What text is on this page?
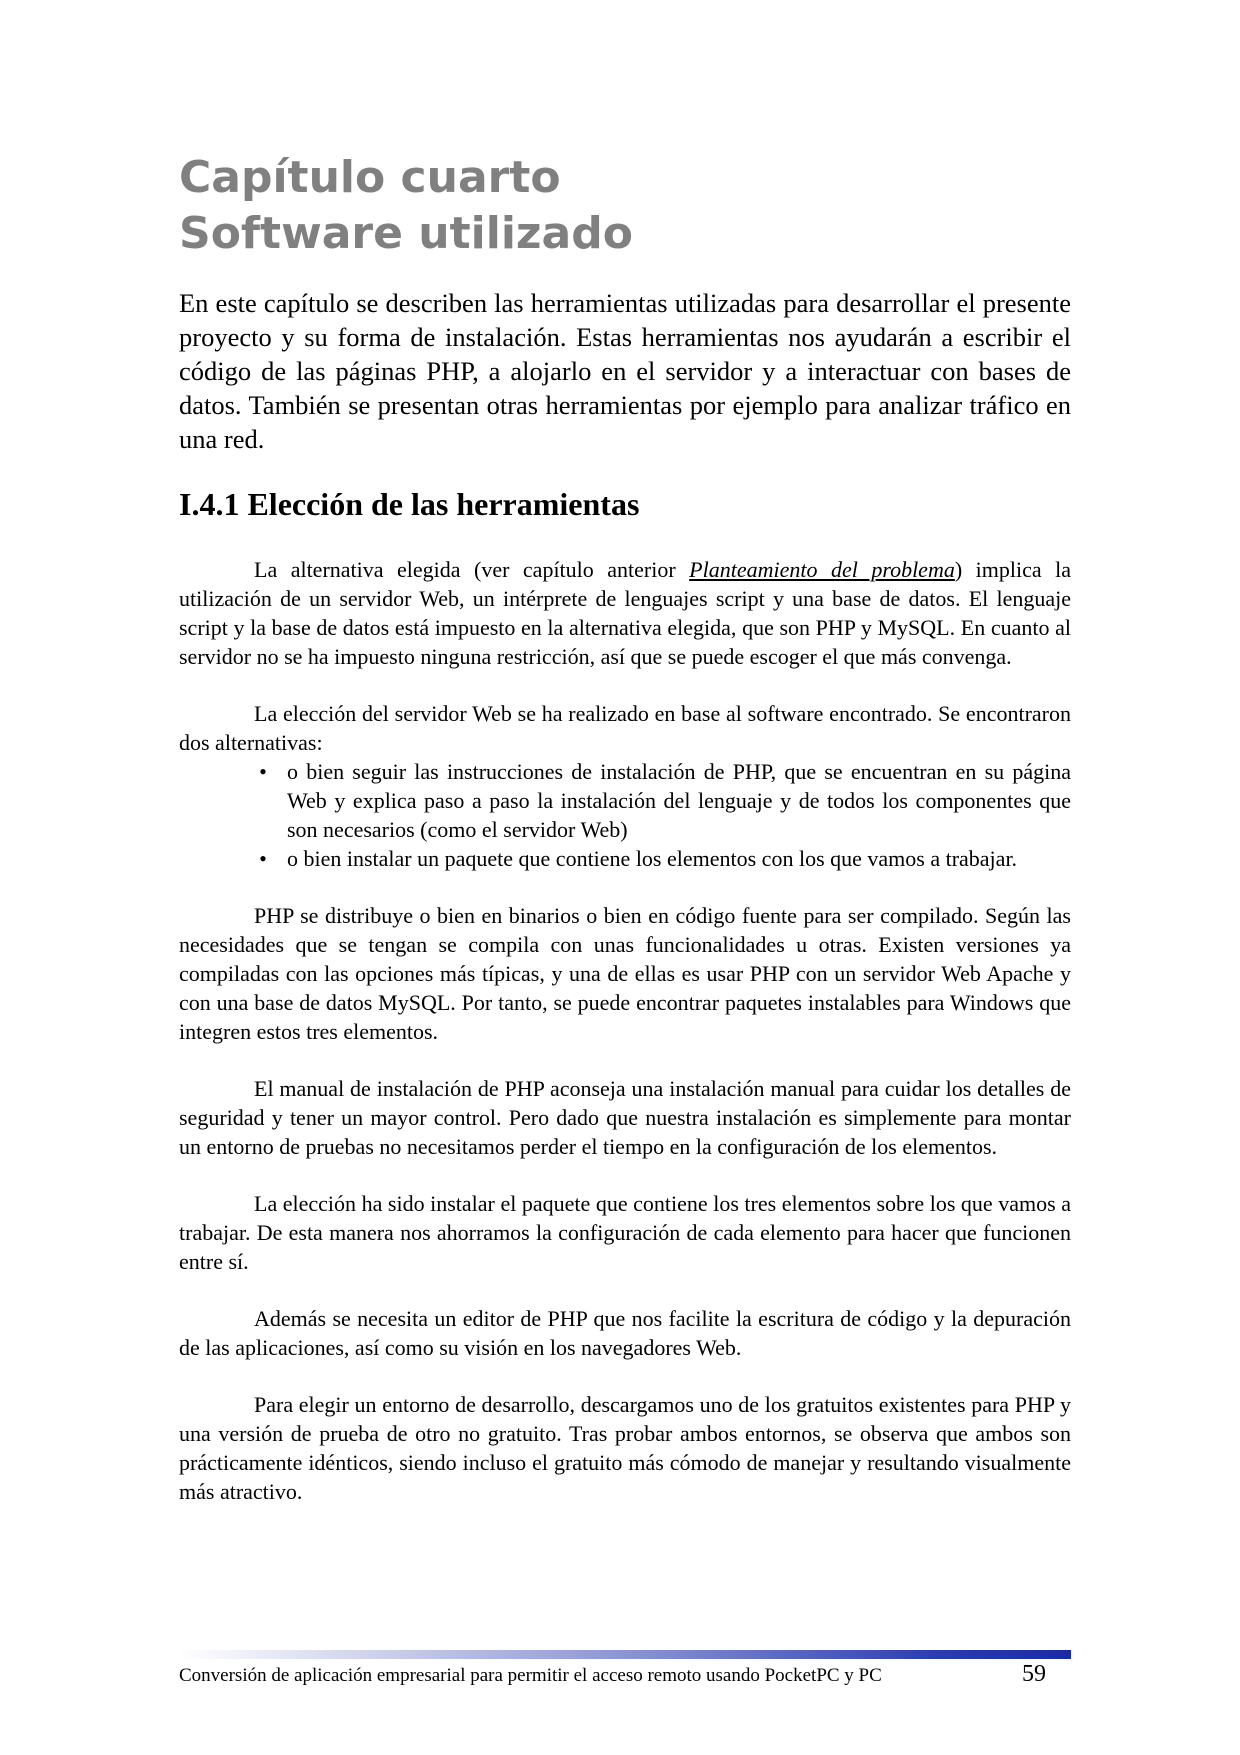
Capítulo cuarto
Software utilizado

En este capítulo se describen las herramientas utilizadas para desarrollar el presente proyecto y su forma de instalación. Estas herramientas nos ayudarán a escribir el código de las páginas PHP, a alojarlo en el servidor y a interactuar con bases de datos. También se presentan otras herramientas por ejemplo para analizar tráfico en una red.

I.4.1 Elección de las herramientas

La alternativa elegida (ver capítulo anterior Planteamiento del problema) implica la utilización de un servidor Web, un intérprete de lenguajes script y una base de datos. El lenguaje script y la base de datos está impuesto en la alternativa elegida, que son PHP y MySQL. En cuanto al servidor no se ha impuesto ninguna restricción, así que se puede escoger el que más convenga.

La elección del servidor Web se ha realizado en base al software encontrado. Se encontraron dos alternativas:

• o bien seguir las instrucciones de instalación de PHP, que se encuentran en su página Web y explica paso a paso la instalación del lenguaje y de todos los componentes que son necesarios (como el servidor Web)
• o bien instalar un paquete que contiene los elementos con los que vamos a trabajar.

PHP se distribuye o bien en binarios o bien en código fuente para ser compilado. Según las necesidades que se tengan se compila con unas funcionalidades u otras. Existen versiones ya compiladas con las opciones más típicas, y una de ellas es usar PHP con un servidor Web Apache y con una base de datos MySQL. Por tanto, se puede encontrar paquetes instalables para Windows que integren estos tres elementos.

El manual de instalación de PHP aconseja una instalación manual para cuidar los detalles de seguridad y tener un mayor control. Pero dado que nuestra instalación es simplemente para montar un entorno de pruebas no necesitamos perder el tiempo en la configuración de los elementos.

La elección ha sido instalar el paquete que contiene los tres elementos sobre los que vamos a trabajar. De esta manera nos ahorramos la configuración de cada elemento para hacer que funcionen entre sí.

Además se necesita un editor de PHP que nos facilite la escritura de código y la depuración de las aplicaciones, así como su visión en los navegadores Web.

Para elegir un entorno de desarrollo, descargamos uno de los gratuitos existentes para PHP y una versión de prueba de otro no gratuito. Tras probar ambos entornos, se observa que ambos son prácticamente idénticos, siendo incluso el gratuito más cómodo de manejar y resultando visualmente más atractivo.

Conversión de aplicación empresarial para permitir el acceso remoto usando PocketPC y PC	59
